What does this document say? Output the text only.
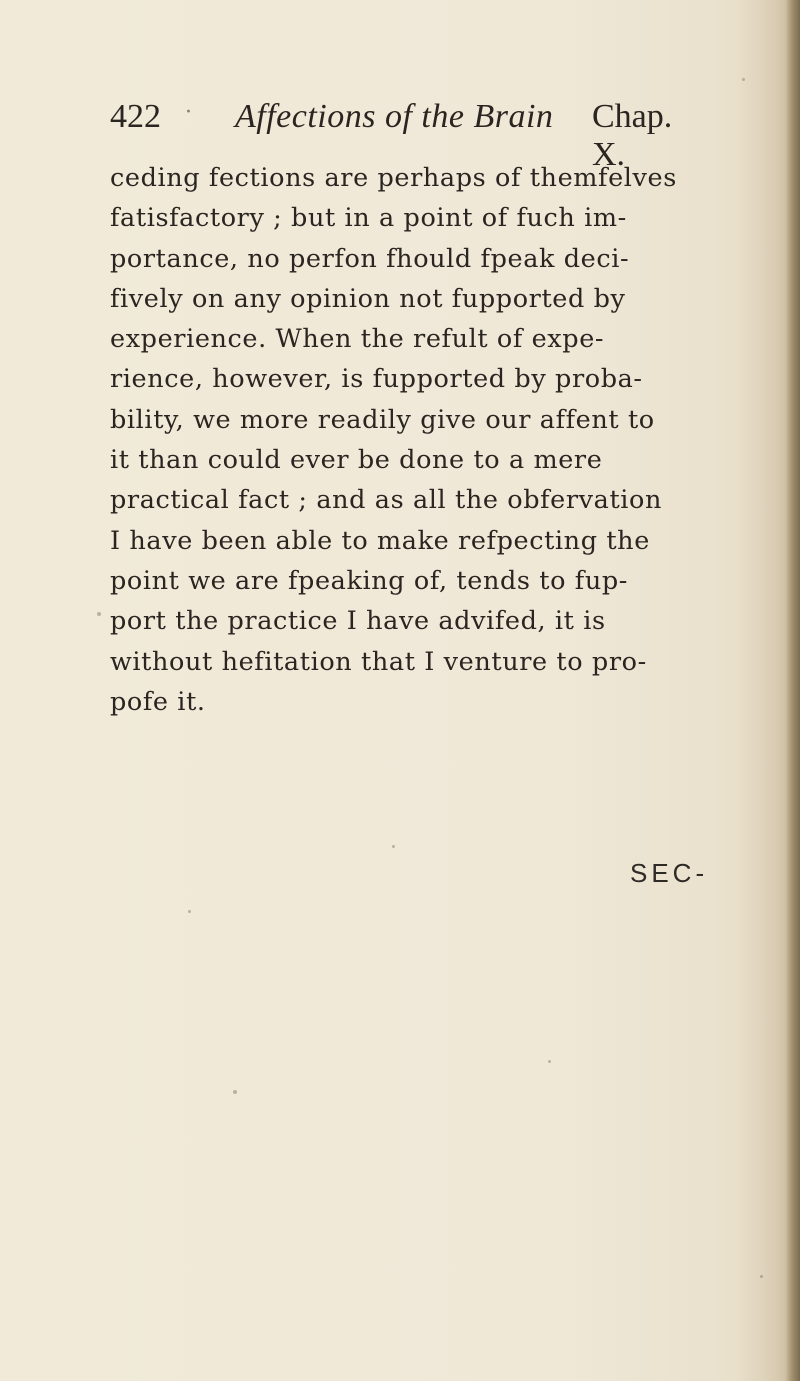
422 · Affections of the Brain Chap. X.
ceding fections are perhaps of themfelves
fatisfactory ; but in a point of fuch im-
portance, no perfon fhould fpeak deci-
fively on any opinion not fupported by
experience. When the refult of expe-
rience, however, is fupported by proba-
bility, we more readily give our affent to
it than could ever be done to a mere
practical fact ; and as all the obfervation
I have been able to make refpecting the
point we are fpeaking of, tends to fup-
port the practice I have advifed, it is
without hefitation that I venture to pro-
pofe it.
SEC-
